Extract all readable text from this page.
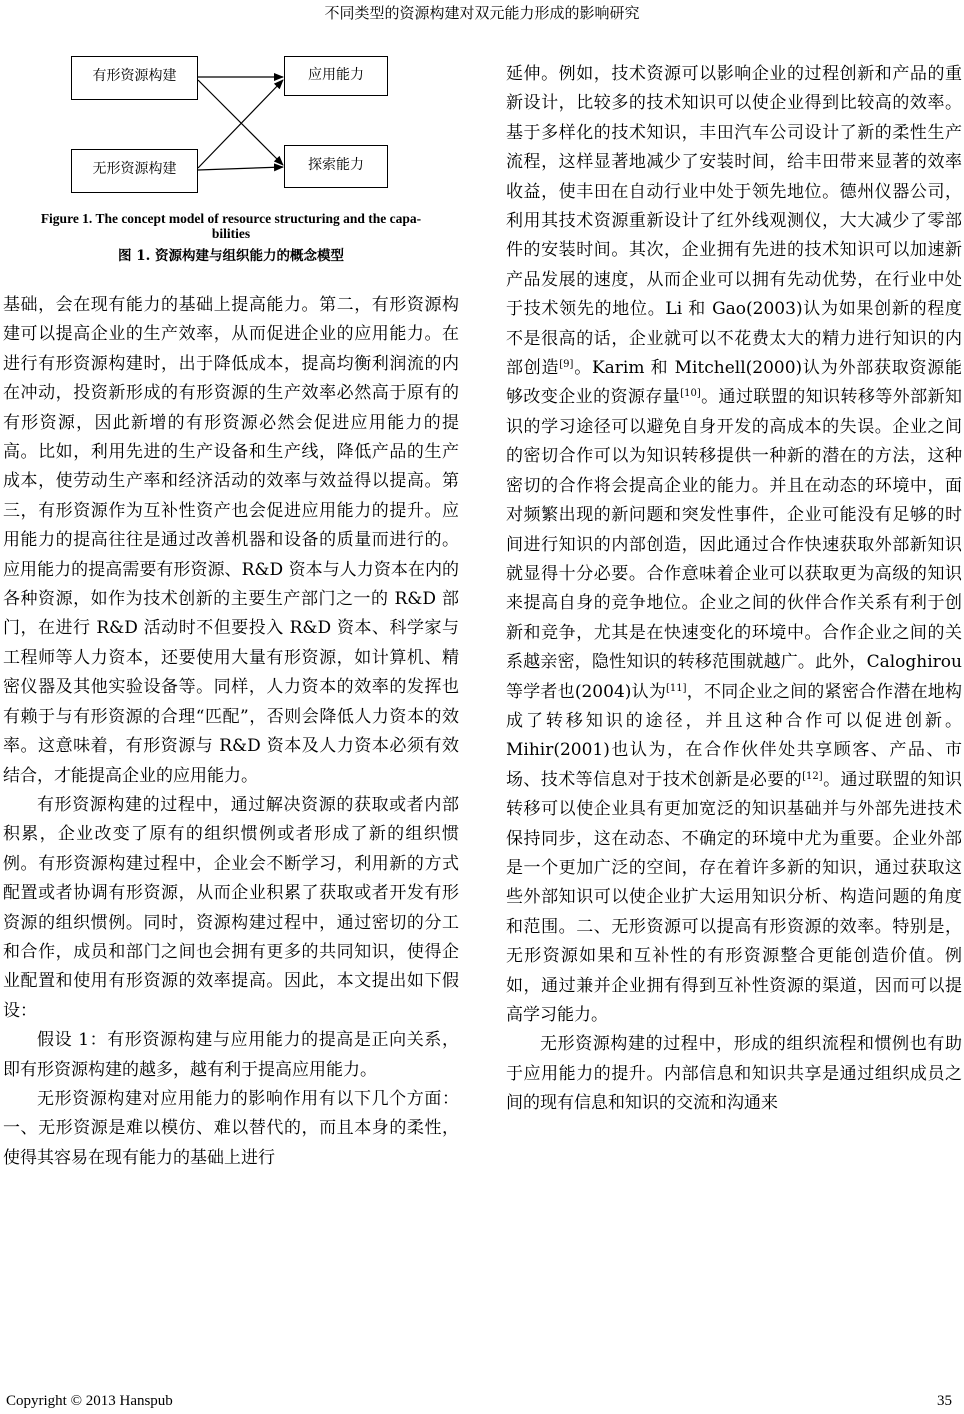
不同类型的资源构建对双元能力形成的影响研究
有形资源构建	应用能力
无形资源构建	探索能力
Figure 1. The concept model of resource structuring and the capa-
bilities
图 1. 资源构建与组织能力的概念模型

基础，会在现有能力的基础上提高能力。第二，有形资源构建可以提高企业的生产效率，从而促进企业的应用能力。在进行有形资源构建时，出于降低成本，提高均衡利润流的内在冲动，投资新形成的有形资源的生产效率必然高于原有的有形资源，因此新增的有形资源必然会促进应用能力的提高。比如，利用先进的生产设备和生产线，降低产品的生产成本，使劳动生产率和经济活动的效率与效益得以提高。第三，有形资源作为互补性资产也会促进应用能力的提升。应用能力的提高往往是通过改善机器和设备的质量而进行的。应用能力的提高需要有形资源、R&D 资本与人力资本在内的各种资源，如作为技术创新的主要生产部门之一的 R&D 部门，在进行 R&D 活动时不但要投入 R&D 资本、科学家与工程师等人力资本，还要使用大量有形资源，如计算机、精密仪器及其他实验设备等。同样，人力资本的效率的发挥也有赖于与有形资源的合理“匹配”，否则会降低人力资本的效率。这意味着，有形资源与 R&D 资本及人力资本必须有效结合，才能提高企业的应用能力。

有形资源构建的过程中，通过解决资源的获取或者内部积累，企业改变了原有的组织惯例或者形成了新的组织惯例。有形资源构建过程中，企业会不断学习，利用新的方式配置或者协调有形资源，从而企业积累了获取或者开发有形资源的组织惯例。同时，资源构建过程中，通过密切的分工和合作，成员和部门之间也会拥有更多的共同知识，使得企业配置和使用有形资源的效率提高。因此，本文提出如下假设：

假设 1：有形资源构建与应用能力的提高是正向关系，即有形资源构建的越多，越有利于提高应用能力。

无形资源构建对应用能力的影响作用有以下几个方面：一、无形资源是难以模仿、难以替代的，而且本身的柔性，使得其容易在现有能力的基础上进行

延伸。例如，技术资源可以影响企业的过程创新和产品的重新设计，比较多的技术知识可以使企业得到比较高的效率。基于多样化的技术知识，丰田汽车公司设计了新的柔性生产流程，这样显著地减少了安装时间，给丰田带来显著的效率收益，使丰田在自动行业中处于领先地位。德州仪器公司，利用其技术资源重新设计了红外线观测仪，大大减少了零部件的安装时间。其次，企业拥有先进的技术知识可以加速新产品发展的速度，从而企业可以拥有先动优势，在行业中处于技术领先的地位。Li 和 Gao(2003)认为如果创新的程度不是很高的话，企业就可以不花费太大的精力进行知识的内部创造[9]。Karim 和 Mitchell(2000)认为外部获取资源能够改变企业的资源存量[10]。通过联盟的知识转移等外部新知识的学习途径可以避免自身开发的高成本的失误。企业之间的密切合作可以为知识转移提供一种新的潜在的方法，这种密切的合作将会提高企业的能力。并且在动态的环境中，面对频繁出现的新问题和突发性事件，企业可能没有足够的时间进行知识的内部创造，因此通过合作快速获取外部新知识就显得十分必要。合作意味着企业可以获取更为高级的知识来提高自身的竞争地位。企业之间的伙伴合作关系有利于创新和竞争，尤其是在快速变化的环境中。合作企业之间的关系越亲密，隐性知识的转移范围就越广。此外，Caloghirou 等学者也(2004)认为[11]，不同企业之间的紧密合作潜在地构成了转移知识的途径，并且这种合作可以促进创新。Mihir(2001)也认为，在合作伙伴处共享顾客、产品、市场、技术等信息对于技术创新是必要的[12]。通过联盟的知识转移可以使企业具有更加宽泛的知识基础并与外部先进技术保持同步，这在动态、不确定的环境中尤为重要。企业外部是一个更加广泛的空间，存在着许多新的知识，通过获取这些外部知识可以使企业扩大运用知识分析、构造问题的角度和范围。二、无形资源可以提高有形资源的效率。特别是，无形资源如果和互补性的有形资源整合更能创造价值。例如，通过兼并企业拥有得到互补性资源的渠道，因而可以提高学习能力。

无形资源构建的过程中，形成的组织流程和惯例也有助于应用能力的提升。内部信息和知识共享是通过组织成员之间的现有信息和知识的交流和沟通来

Copyright © 2013 Hanspub	35
